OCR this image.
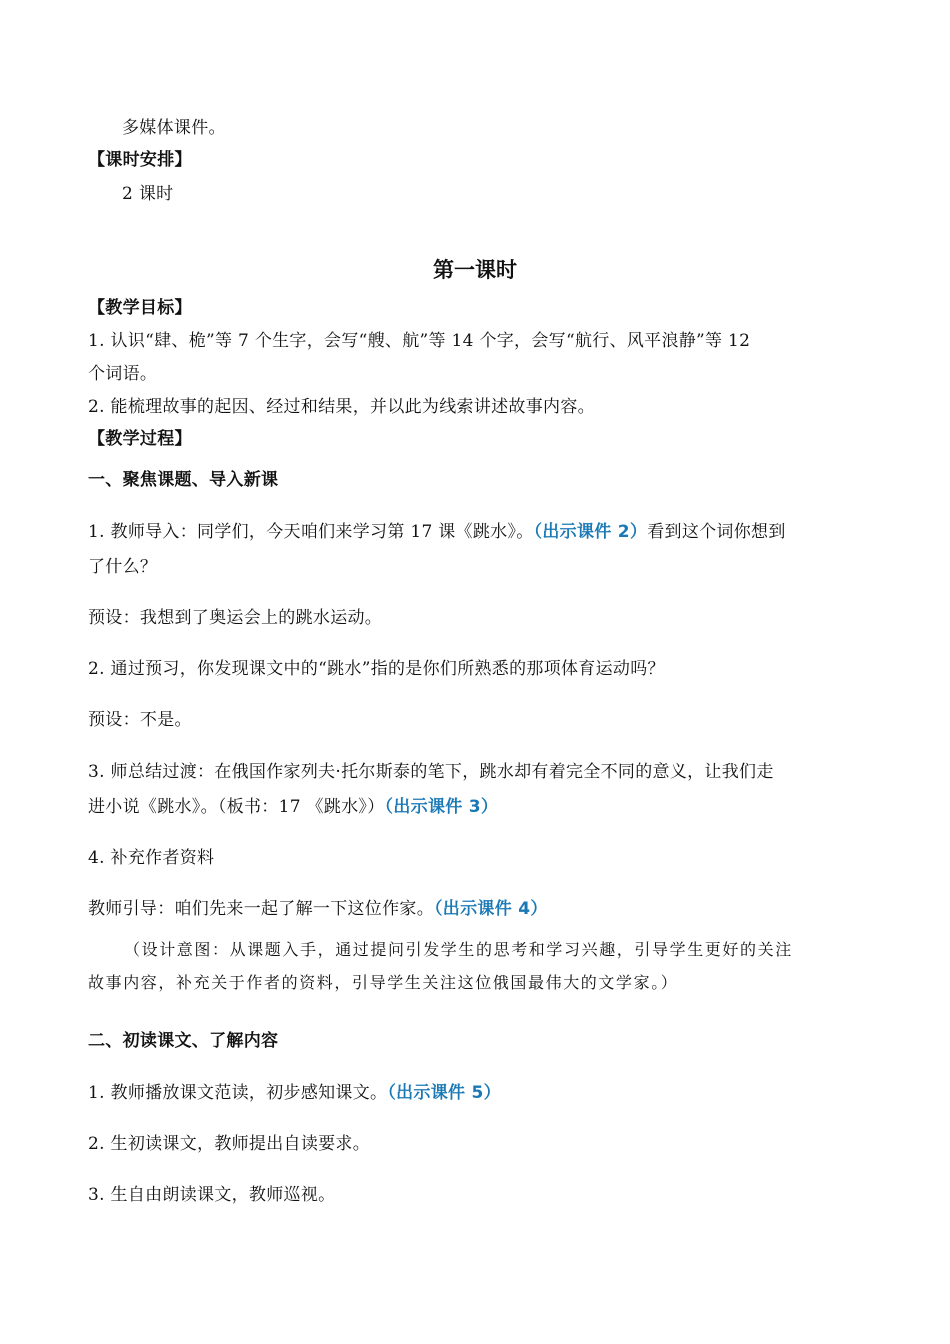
多媒体课件。
【课时安排】
2 课时
第一课时
【教学目标】
1. 认识“肆、桅”等 7 个生字，会写“艘、航”等 14 个字，会写“航行、风平浪静”等 12
个词语。
2. 能梳理故事的起因、经过和结果，并以此为线索讲述故事内容。
【教学过程】
一、聚焦课题、导入新课
1. 教师导入：同学们，今天咱们来学习第 17 课《跳水》。（出示课件 2）看到这个词你想到
了什么？
预设：我想到了奥运会上的跳水运动。
2. 通过预习，你发现课文中的“跳水”指的是你们所熟悉的那项体育运动吗？
预设：不是。
3. 师总结过渡：在俄国作家列夫·托尔斯泰的笔下，跳水却有着完全不同的意义，让我们走
进小说《跳水》。（板书：17 《跳水》）（出示课件 3）
4. 补充作者资料
教师引导：咱们先来一起了解一下这位作家。（出示课件 4）
（设计意图：从课题入手，通过提问引发学生的思考和学习兴趣，引导学生更好的关注
故事内容，补充关于作者的资料，引导学生关注这位俄国最伟大的文学家。）
二、初读课文、了解内容
1. 教师播放课文范读，初步感知课文。（出示课件 5）
2. 生初读课文，教师提出自读要求。
3. 生自由朗读课文，教师巡视。
